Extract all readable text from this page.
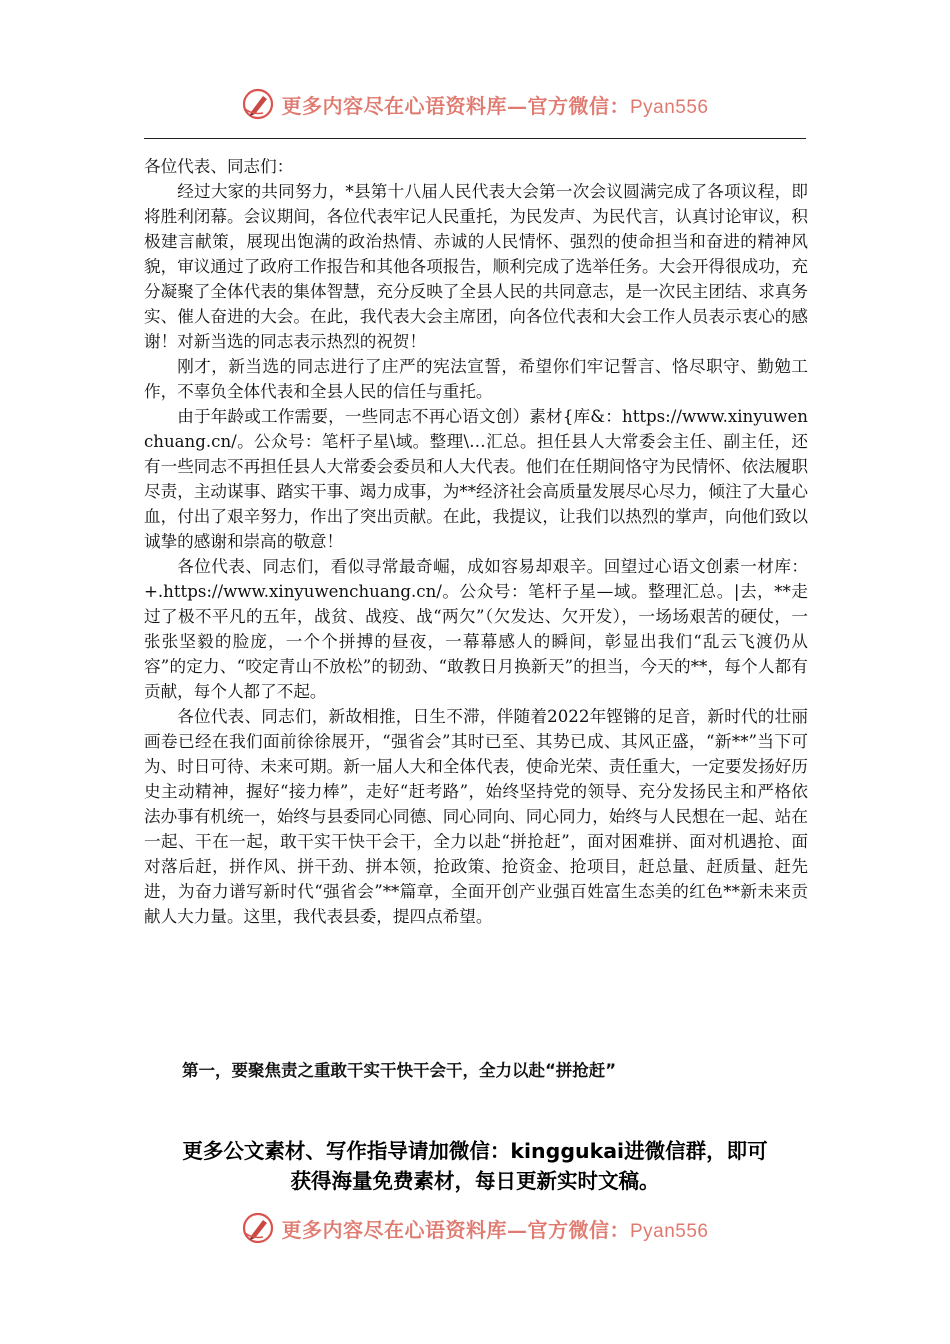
更多内容尽在心语资料库—官方微信：Pyan556

各位代表、同志们：

经过大家的共同努力，*县第十八届人民代表大会第一次会议圆满完成了各项议程，即将胜利闭幕。会议期间，各位代表牢记人民重托，为民发声、为民代言，认真讨论审议，积极建言献策，展现出饱满的政治热情、赤诚的人民情怀、强烈的使命担当和奋进的精神风貌，审议通过了政府工作报告和其他各项报告，顺利完成了选举任务。大会开得很成功，充分凝聚了全体代表的集体智慧，充分反映了全县人民的共同意志，是一次民主团结、求真务实、催人奋进的大会。在此，我代表大会主席团，向各位代表和大会工作人员表示衷心的感谢！对新当选的同志表示热烈的祝贺！

刚才，新当选的同志进行了庄严的宪法宣誓，希望你们牢记誓言、恪尽职守、勤勉工作，不辜负全体代表和全县人民的信任与重托。

由于年龄或工作需要，一些同志不再心语文创）素材{库&：https://www.xinyuwenchuang.cn/。公众号：笔杆子星\域。整理\…汇总。担任县人大常委会主任、副主任，还有一些同志不再担任县人大常委会委员和人大代表。他们在任期间恪守为民情怀、依法履职尽责，主动谋事、踏实干事、竭力成事，为**经济社会高质量发展尽心尽力，倾注了大量心血，付出了艰辛努力，作出了突出贡献。在此，我提议，让我们以热烈的掌声，向他们致以诚挚的感谢和崇高的敬意！

各位代表、同志们，看似寻常最奇崛，成如容易却艰辛。回望过心语文创素一材库：+.https://www.xinyuwenchuang.cn/。公众号：笔杆子星—域。整理汇总。|去，**走过了极不平凡的五年，战贫、战疫、战“两欠”（欠发达、欠开发），一场场艰苦的硬仗，一张张坚毅的脸庞，一个个拼搏的昼夜，一幕幕感人的瞬间，彰显出我们“乱云飞渡仍从容”的定力、“咬定青山不放松”的韧劲、“敢教日月换新天”的担当，今天的**，每个人都有贡献，每个人都了不起。

各位代表、同志们，新故相推，日生不滞，伴随着2022年铿锵的足音，新时代的壮丽画卷已经在我们面前徐徐展开，“强省会”其时已至、其势已成、其风正盛，“新**”当下可为、时日可待、未来可期。新一届人大和全体代表，使命光荣、责任重大，一定要发扬好历史主动精神，握好“接力棒”，走好“赶考路”，始终坚持党的领导、充分发扬民主和严格依法办事有机统一，始终与县委同心同德、同心同向、同心同力，始终与人民想在一起、站在一起、干在一起，敢干实干快干会干，全力以赴“拼抢赶”，面对困难拼、面对机遇抢、面对落后赶，拼作风、拼干劲、拼本领，抢政策、抢资金、抢项目，赶总量、赶质量、赶先进，为奋力谱写新时代“强省会”**篇章，全面开创产业强百姓富生态美的红色**新未来贡献人大力量。这里，我代表县委，提四点希望。

第一，要聚焦责之重敢干实干快干会干，全力以赴“拼抢赶”

更多公文素材、写作指导请加微信：kinggukai进微信群，即可
获得海量免费素材，每日更新实时文稿。
更多内容尽在心语资料库—官方微信：Pyan556
